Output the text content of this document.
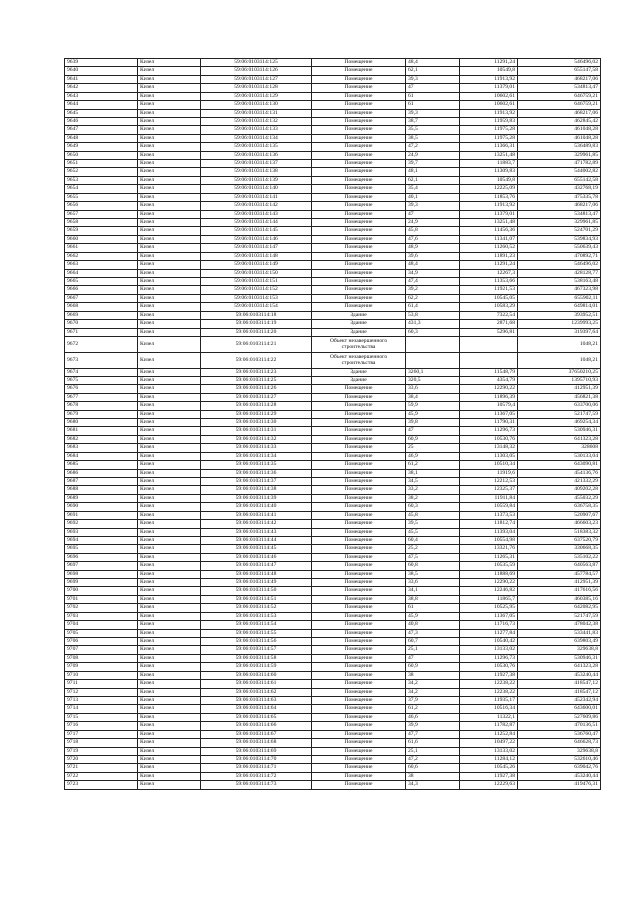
9639	Кизел	59:06:0103114:125	Помещение	48,4	11291,24	546496,02
9640	Кизел	59:06:0103114:126	Помещение	62,1	10549,8	655147,58
9641	Кизел	59:06:0103114:127	Помещение	39,3	11913,92	468217,06
9642	Кизел	59:06:0103114:128	Помещение	47	11379,01	534813,47
9643	Кизел	59:06:0103114:129	Помещение	61	10602,61	646759,21
9644	Кизел	59:06:0103114:130	Помещение	61	10602,61	646759,21
9645	Кизел	59:06:0103114:131	Помещение	39,3	11913,92	468217,06
9646	Кизел	59:06:0103114:132	Помещение	38,7	11959,83	462845,42
9647	Кизел	59:06:0103114:133	Помещение	35,5	11975,28	461048,28
9648	Кизел	59:06:0103114:134	Помещение	38,5	11975,28	461048,28
9649	Кизел	59:06:0103114:135	Помещение	47,2	11366,31	536489,83
9650	Кизел	59:06:0103114:136	Помещение	24,9	13251,48	329961,85
9651	Кизел	59:06:0103114:137	Помещение	39,7	11883,7	471782,89
9652	Кизел	59:06:0103114:138	Помещение	48,1	11309,83	544002,82
9653	Кизел	59:06:0103114:139	Помещение	62,1	10549,8	655142,58
9654	Кизел	59:06:0103114:140	Помещение	35,4	12225,09	432768,19
9655	Кизел	59:06:0103114:141	Помещение	40,1	11853,76	475335,78
9656	Кизел	59:06:0103114:142	Помещение	39,3	11913,92	468217,06
9657	Кизел	59:06:0103114:143	Помещение	47	11379,01	534813,47
9658	Кизел	59:06:0103114:144	Помещение	24,9	13251,48	329961,85
9659	Кизел	59:06:0103114:145	Помещение	45,8	11456,36	524701,29
9660	Кизел	59:06:0103114:146	Помещение	47,6	11341,07	539834,93
9661	Кизел	59:06:0103114:147	Помещение	48,9	11260,52	550639,43
9662	Кизел	59:06:0103114:148	Помещение	39,6	11891,23	470892,71
9663	Кизел	59:06:0103114:149	Помещение	48,4	11291,24	546496,02
9664	Кизел	59:06:0103114:150	Помещение	34,9	12267,3	428128,77
9665	Кизел	59:06:0103114:151	Помещение	47,4	11353,66	538163,48
9666	Кизел	59:06:0103114:152	Помещение	39,2	11921,53	467323,98
9667	Кизел	59:06:0103114:153	Помещение	62,2	10545,05	655902,11
9668	Кизел	59:06:0103114:154	Помещение	61,4	10583,29	649814,01
9669	Кизел	59:06:0103114:18	Здание	53,8	7322,54	393952,51
9670	Кизел	59:06:0103114:19	Здание	431,3	2871,68	1239993,25
9671	Кизел	59:06:0103114:20	Здание	60,3	5296,81	319397,64
9672	Кизел	59:06:0103114:21	Объект незавершенного строительства			1048,21
9673	Кизел	59:06:0103114:22	Объект незавершенного строительства			1048,21
9674	Кизел	59:06:0103114:23	Здание	3260,1	11548,79	37650210,25
9675	Кизел	59:06:0103114:25	Здание	320,5	4354,79	1395710,93
9676	Кизел	59:06:0103114:26	Помещение	33,6	12290,22	412951,39
9677	Кизел	59:06:0103114:27	Помещение	38,4	11896,39	456821,38
9678	Кизел	59:06:0103114:28	Помещение	59,9	10579,4	633700,06
9679	Кизел	59:06:0103114:29	Помещение	45,9	11367,05	521747,59
9680	Кизел	59:06:0103114:30	Помещение	39,8	11790,31	469254,34
9681	Кизел	59:06:0103114:31	Помещение	47	11296,73	530946,31
9682	Кизел	59:06:0103114:32	Помещение	60,9	10530,76	641323,28
9683	Кизел	59:06:0103114:33	Помещение	25	13148,32	328608
9684	Кизел	59:06:0103114:34	Помещение	46,9	11303,05	530133,04
9685	Кизел	59:06:0103114:35	Помещение	61,2	10510,34	643090,81
9686	Кизел	59:06:0103114:36	Помещение	38,1	11919,6	454136,76
9687	Кизел	59:06:0103114:37	Помещение	34,5	12212,53	421332,29
9688	Кизел	59:06:0103114:38	Помещение	33,2	12325,37	409202,28
9689	Кизел	59:06:0103114:39	Помещение	38,2	11911,84	455032,29
9690	Кизел	59:06:0103114:40	Помещение	60,3	10559,84	636758,35
9691	Кизел	59:06:0103114:41	Помещение	45,8	11373,53	520907,67
9692	Кизел	59:06:0103114:42	Помещение	39,5	11812,74	466603,23
9693	Кизел	59:06:0103114:43	Помещение	45,5	11393,04	518383,32
9694	Кизел	59:06:0103114:44	Помещение	60,4	10554,98	637520,79
9695	Кизел	59:06:0103114:45	Помещение	25,2	13321,76	330668,35
9696	Кизел	59:06:0103114:46	Помещение	47,5	11265,31	535102,22
9697	Кизел	59:06:0103114:47	Помещение	60,8	10535,59	640563,87
9698	Кизел	59:06:0103114:48	Помещение	38,5	11888,69	457784,57
9699	Кизел	59:06:0103114:49	Помещение	33,6	12290,22	412951,39
9700	Кизел	59:06:0103114:50	Помещение	34,1	12246,82	417616,56
9701	Кизел	59:06:0103114:51	Помещение	38,8	11865,7	460385,16
9702	Кизел	59:06:0103114:52	Помещение	61	10525,95	642082,95
9703	Кизел	59:06:0103114:53	Помещение	45,9	11367,05	521747,59
9704	Кизел	59:06:0103114:54	Помещение	40,8	11716,73	478042,38
9705	Кизел	59:06:0103114:55	Помещение	47,3	11277,84	533441,83
9706	Кизел	59:06:0103114:56	Помещение	60,7	10540,42	639803,49
9707	Кизел	59:06:0103114:57	Помещение	25,1	13133,02	329638,8
9708	Кизел	59:06:0103114:58	Помещение	47	11296,73	530946,31
9709	Кизел	59:06:0103114:59	Помещение	60,9	10530,76	641323,28
9710	Кизел	59:06:0103114:60	Помещение	38	11927,38	453240,44
9711	Кизел	59:06:0103114:61	Помещение	34,2	12238,22	418547,12
9712	Кизел	59:06:0103114:62	Помещение	34,2	12238,22	418547,12
9713	Кизел	59:06:0103114:63	Помещение	37,9	11935,17	452342,94
9714	Кизел	59:06:0103114:64	Помещение	61,2	10516,34	643600,01
9715	Кизел	59:06:0103114:65	Помещение	46,6	11322,1	527609,86
9716	Кизел	59:06:0103114:66	Помещение	39,9	11782,87	470136,51
9717	Кизел	59:06:0103114:67	Помещение	47,7	11252,84	536760,47
9718	Кизел	59:06:0103114:68	Помещение	61,6	10497,22	646628,73
9719	Кизел	59:06:0103114:69	Помещение	25,1	13133,02	329638,8
9720	Кизел	59:06:0103114:70	Помещение	47,2	11284,12	532610,46
9721	Кизел	59:06:0103114:71	Помещение	60,6	10545,26	639042,76
9722	Кизел	59:06:0103114:72	Помещение	38	11927,38	453240,44
9723	Кизел	59:06:0103114:73	Помещение	34,3	12229,63	419476,31
